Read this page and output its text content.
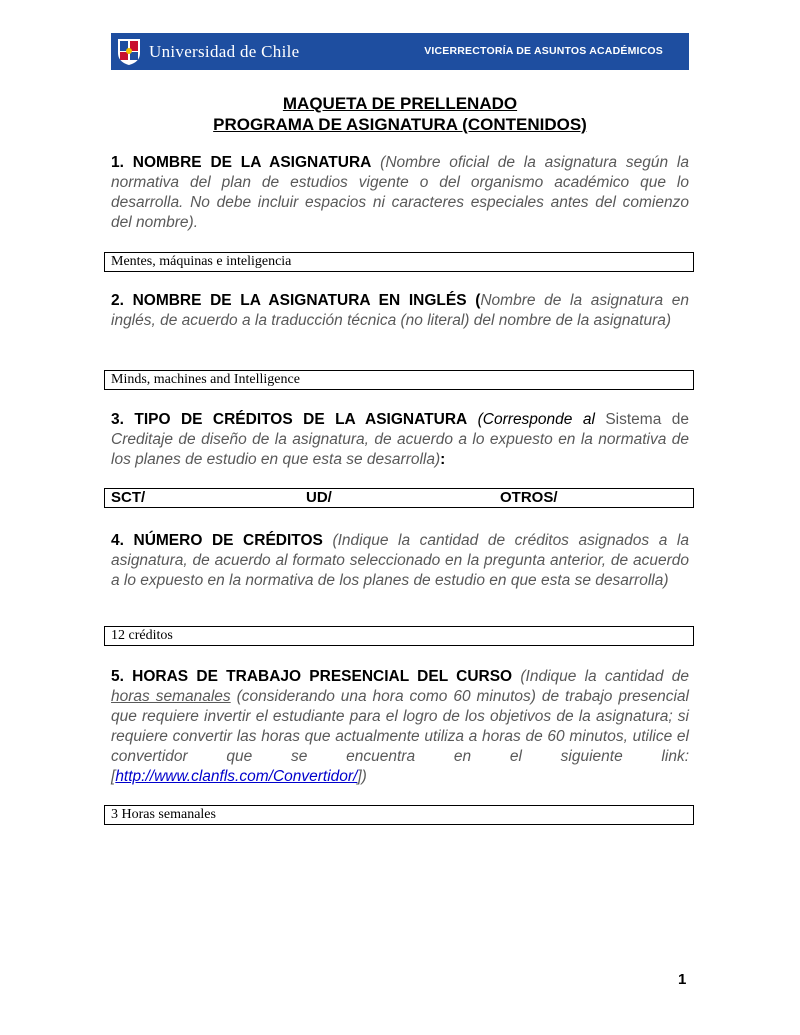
Universidad de Chile	VICERRECTORÍA DE ASUNTOS ACADÉMICOS
MAQUETA DE PRELLENADO
PROGRAMA DE ASIGNATURA (CONTENIDOS)
1. NOMBRE DE LA ASIGNATURA (Nombre oficial de la asignatura según la normativa del plan de estudios vigente o del organismo académico que lo desarrolla. No debe incluir espacios ni caracteres especiales antes del comienzo del nombre).
Mentes, máquinas e inteligencia
2. NOMBRE DE LA ASIGNATURA EN INGLÉS (Nombre de la asignatura en inglés, de acuerdo a la traducción técnica (no literal) del nombre de la asignatura)
Minds, machines and Intelligence
3. TIPO DE CRÉDITOS DE LA ASIGNATURA (Corresponde al Sistema de Creditaje de diseño de la asignatura, de acuerdo a lo expuesto en la normativa de los planes de estudio en que esta se desarrolla):
SCT/	UD/	OTROS/
4. NÚMERO DE CRÉDITOS (Indique la cantidad de créditos asignados a la asignatura, de acuerdo al formato seleccionado en la pregunta anterior, de acuerdo a lo expuesto en la normativa de los planes de estudio en que esta se desarrolla)
12 créditos
5. HORAS DE TRABAJO PRESENCIAL DEL CURSO (Indique la cantidad de horas semanales (considerando una hora como 60 minutos) de trabajo presencial que requiere invertir el estudiante para el logro de los objetivos de la asignatura; si requiere convertir las horas que actualmente utiliza a horas de 60 minutos, utilice el convertidor que se encuentra en el siguiente link: [http://www.clanfls.com/Convertidor/])
3 Horas semanales
1
